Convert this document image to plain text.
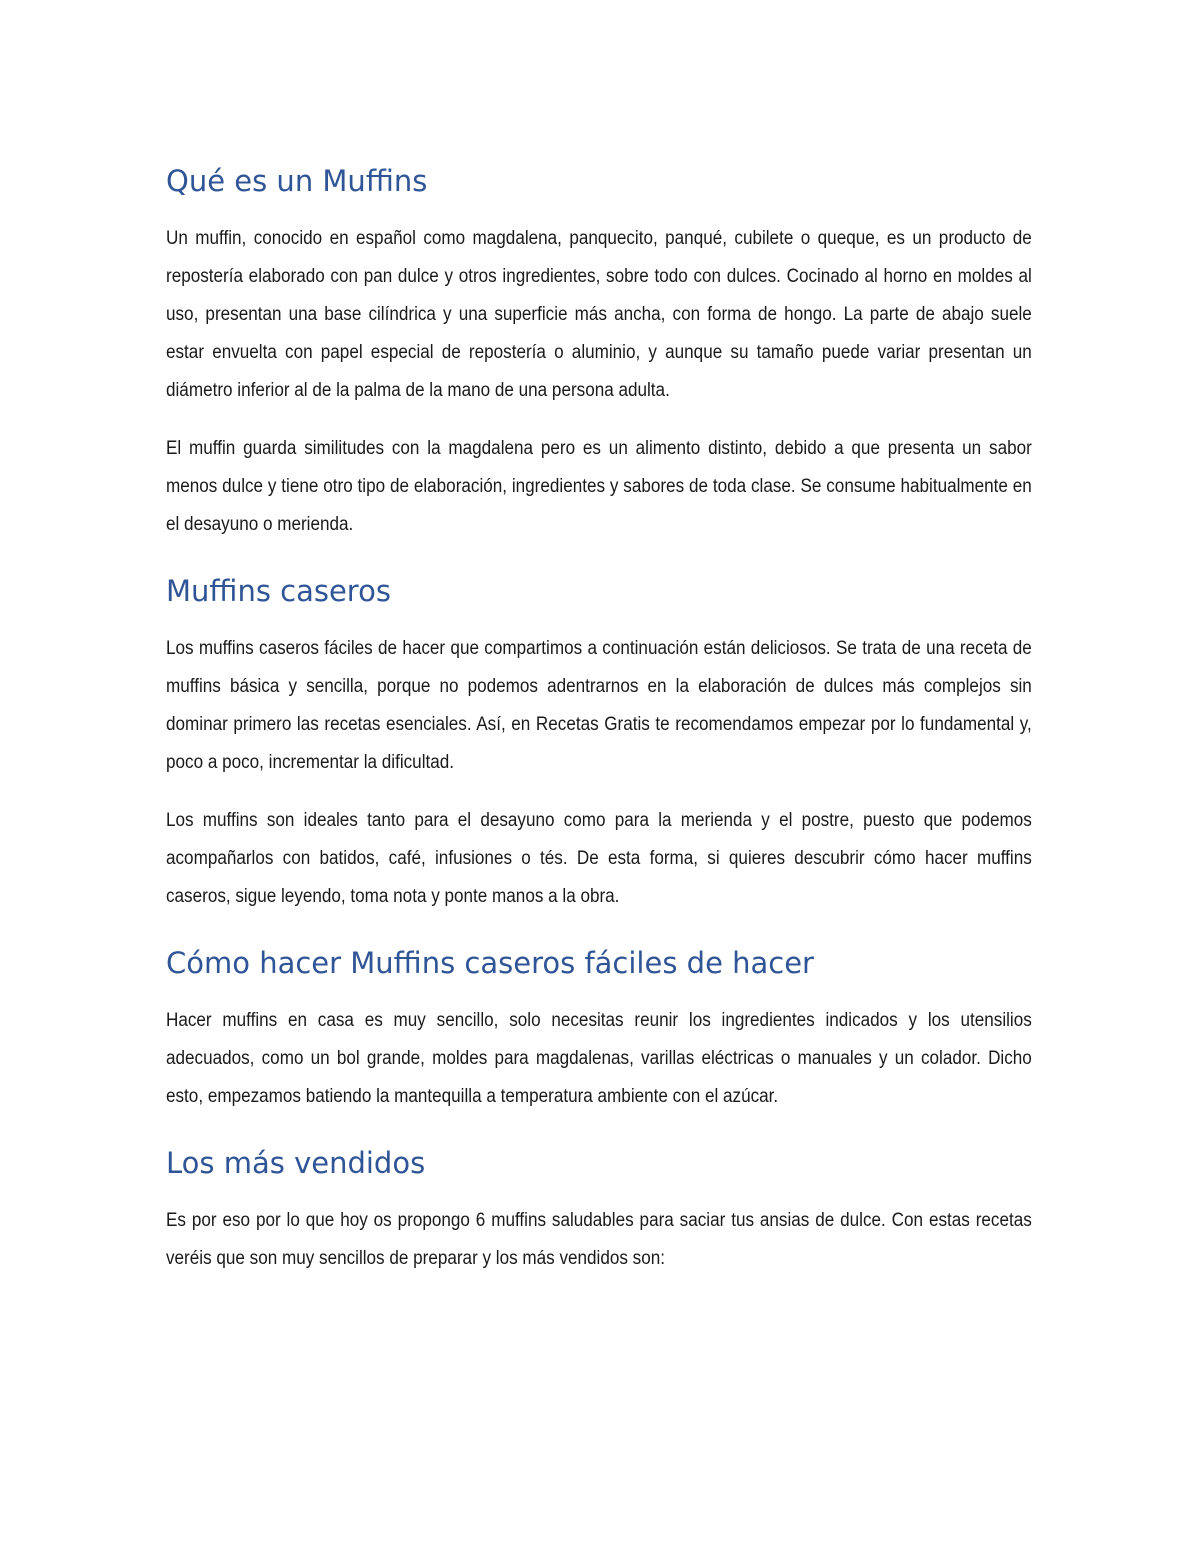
Qué es un Muffins

Un muffin, conocido en español como magdalena, panquecito, panqué, cubilete o queque, es un producto de repostería elaborado con pan dulce y otros ingredientes, sobre todo con dulces. Cocinado al horno en moldes al uso, presentan una base cilíndrica y una superficie más ancha, con forma de hongo. La parte de abajo suele estar envuelta con papel especial de repostería o aluminio, y aunque su tamaño puede variar presentan un diámetro inferior al de la palma de la mano de una persona adulta.

El muffin guarda similitudes con la magdalena pero es un alimento distinto, debido a que presenta un sabor menos dulce y tiene otro tipo de elaboración, ingredientes y sabores de toda clase. Se consume habitualmente en el desayuno o merienda.

Muffins caseros

Los muffins caseros fáciles de hacer que compartimos a continuación están deliciosos. Se trata de una receta de muffins básica y sencilla, porque no podemos adentrarnos en la elaboración de dulces más complejos sin dominar primero las recetas esenciales. Así, en Recetas Gratis te recomendamos empezar por lo fundamental y, poco a poco, incrementar la dificultad.

Los muffins son ideales tanto para el desayuno como para la merienda y el postre, puesto que podemos acompañarlos con batidos, café, infusiones o tés. De esta forma, si quieres descubrir cómo hacer muffins caseros, sigue leyendo, toma nota y ponte manos a la obra.

Cómo hacer Muffins caseros fáciles de hacer

Hacer muffins en casa es muy sencillo, solo necesitas reunir los ingredientes indicados y los utensilios adecuados, como un bol grande, moldes para magdalenas, varillas eléctricas o manuales y un colador. Dicho esto, empezamos batiendo la mantequilla a temperatura ambiente con el azúcar.

Los más vendidos

Es por eso por lo que hoy os propongo 6 muffins saludables para saciar tus ansias de dulce. Con estas recetas veréis que son muy sencillos de preparar y los más vendidos son:
